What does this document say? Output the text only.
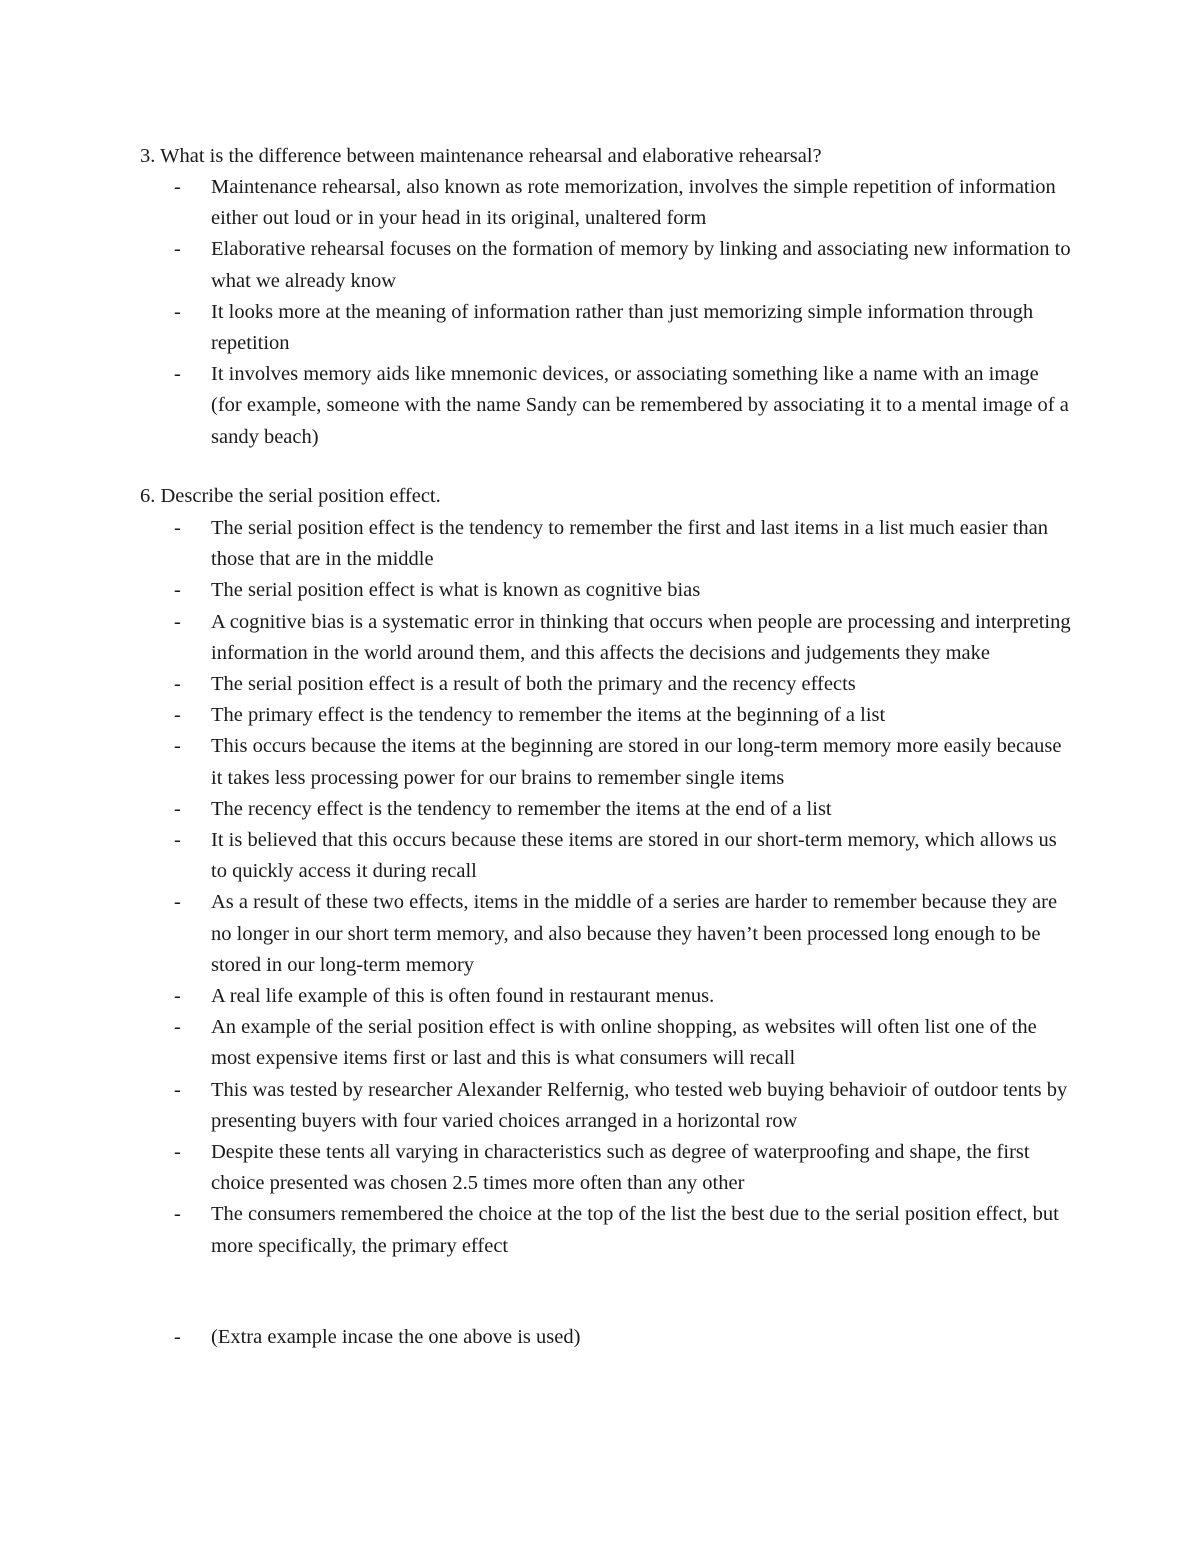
3. What is the difference between maintenance rehearsal and elaborative rehearsal?

- Maintenance rehearsal, also known as rote memorization, involves the simple repetition of information either out loud or in your head in its original, unaltered form
- Elaborative rehearsal focuses on the formation of memory by linking and associating new information to what we already know
- It looks more at the meaning of information rather than just memorizing simple information through repetition
- It involves memory aids like mnemonic devices, or associating something like a name with an image (for example, someone with the name Sandy can be remembered by associating it to a mental image of a sandy beach)

6. Describe the serial position effect.

- The serial position effect is the tendency to remember the first and last items in a list much easier than those that are in the middle
- The serial position effect is what is known as cognitive bias
- A cognitive bias is a systematic error in thinking that occurs when people are processing and interpreting information in the world around them, and this affects the decisions and judgements they make
- The serial position effect is a result of both the primary and the recency effects
- The primary effect is the tendency to remember the items at the beginning of a list
- This occurs because the items at the beginning are stored in our long-term memory more easily because it takes less processing power for our brains to remember single items
- The recency effect is the tendency to remember the items at the end of a list
- It is believed that this occurs because these items are stored in our short-term memory, which allows us to quickly access it during recall
- As a result of these two effects, items in the middle of a series are harder to remember because they are no longer in our short term memory, and also because they haven’t been processed long enough to be stored in our long-term memory
- A real life example of this is often found in restaurant menus.
- An example of the serial position effect is with online shopping, as websites will often list one of the most expensive items first or last and this is what consumers will recall
- This was tested by researcher Alexander Relfernig, who tested web buying behavioir of outdoor tents by presenting buyers with four varied choices arranged in a horizontal row
- Despite these tents all varying in characteristics such as degree of waterproofing and shape, the first choice presented was chosen 2.5 times more often than any other
- The consumers remembered the choice at the top of the list the best due to the serial position effect, but more specifically, the primary effect
- (Extra example incase the one above is used)
